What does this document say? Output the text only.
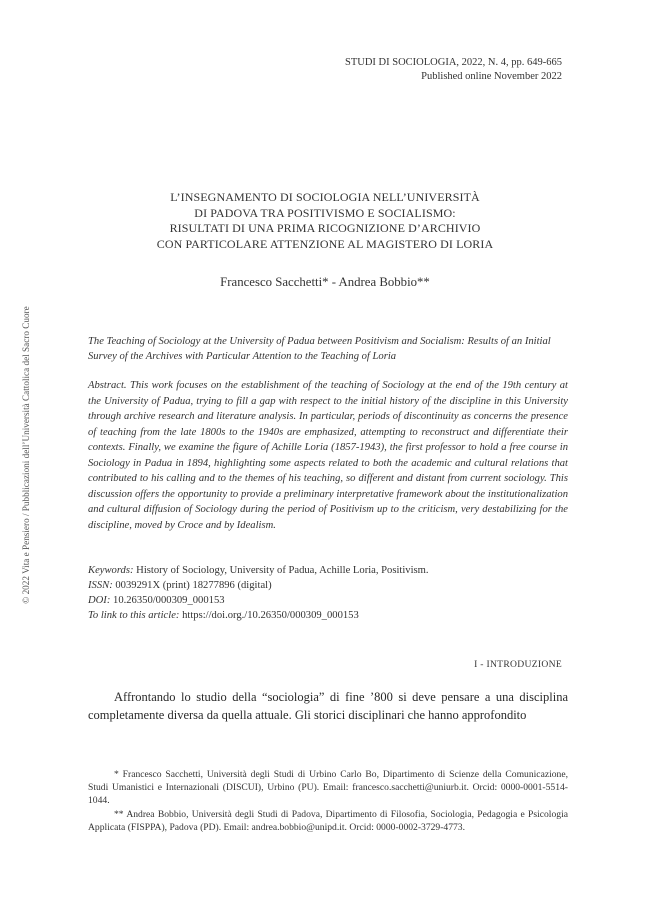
STUDI DI SOCIOLOGIA, 2022, N. 4, pp. 649-665
Published online November 2022
L’INSEGNAMENTO DI SOCIOLOGIA NELL’UNIVERSITÀ
DI PADOVA TRA POSITIVISMO E SOCIALISMO:
RISULTATI DI UNA PRIMA RICOGNIZIONE D’ARCHIVIO
CON PARTICOLARE ATTENZIONE AL MAGISTERO DI LORIA
Francesco Sacchetti* - Andrea Bobbio**
The Teaching of Sociology at the University of Padua between Positivism and Socialism: Results of an Initial Survey of the Archives with Particular Attention to the Teaching of Loria
Abstract. This work focuses on the establishment of the teaching of Sociology at the end of the 19th century at the University of Padua, trying to fill a gap with respect to the initial history of the discipline in this University through archive research and literature analysis. In particular, periods of discontinuity as concerns the presence of teaching from the late 1800s to the 1940s are emphasized, attempting to reconstruct and differentiate their contexts. Finally, we examine the figure of Achille Loria (1857-1943), the first professor to hold a free course in Sociology in Padua in 1894, highlighting some aspects related to both the academic and cultural relations that contributed to his calling and to the themes of his teaching, so different and distant from current sociology. This discussion offers the opportunity to provide a preliminary interpretative framework about the institutionalization and cultural diffusion of Sociology during the period of Positivism up to the criticism, very destabilizing for the discipline, moved by Croce and by Idealism.
Keywords: History of Sociology, University of Padua, Achille Loria, Positivism.
ISSN: 0039291X (print) 18277896 (digital)
DOI: 10.26350/000309_000153
To link to this article: https://doi.org./10.26350/000309_000153
I - INTRODUZIONE
Affrontando lo studio della “sociologia” di fine ’800 si deve pensare a una disciplina completamente diversa da quella attuale. Gli storici disciplinari che hanno approfondito

* Francesco Sacchetti, Università degli Studi di Urbino Carlo Bo, Dipartimento di Scienze della Comunicazione, Studi Umanistici e Internazionali (DISCUI), Urbino (PU). Email: francesco.sacchetti@uniurb.it. Orcid: 0000-0001-5514-1044.

** Andrea Bobbio, Università degli Studi di Padova, Dipartimento di Filosofia, Sociologia, Pedagogia e Psicologia Applicata (FISPPA), Padova (PD). Email: andrea.bobbio@unipd.it. Orcid: 0000-0002-3729-4773.

© 2022 Vita e Pensiero / Pubblicazioni dell’Università Cattolica del Sacro Cuore
